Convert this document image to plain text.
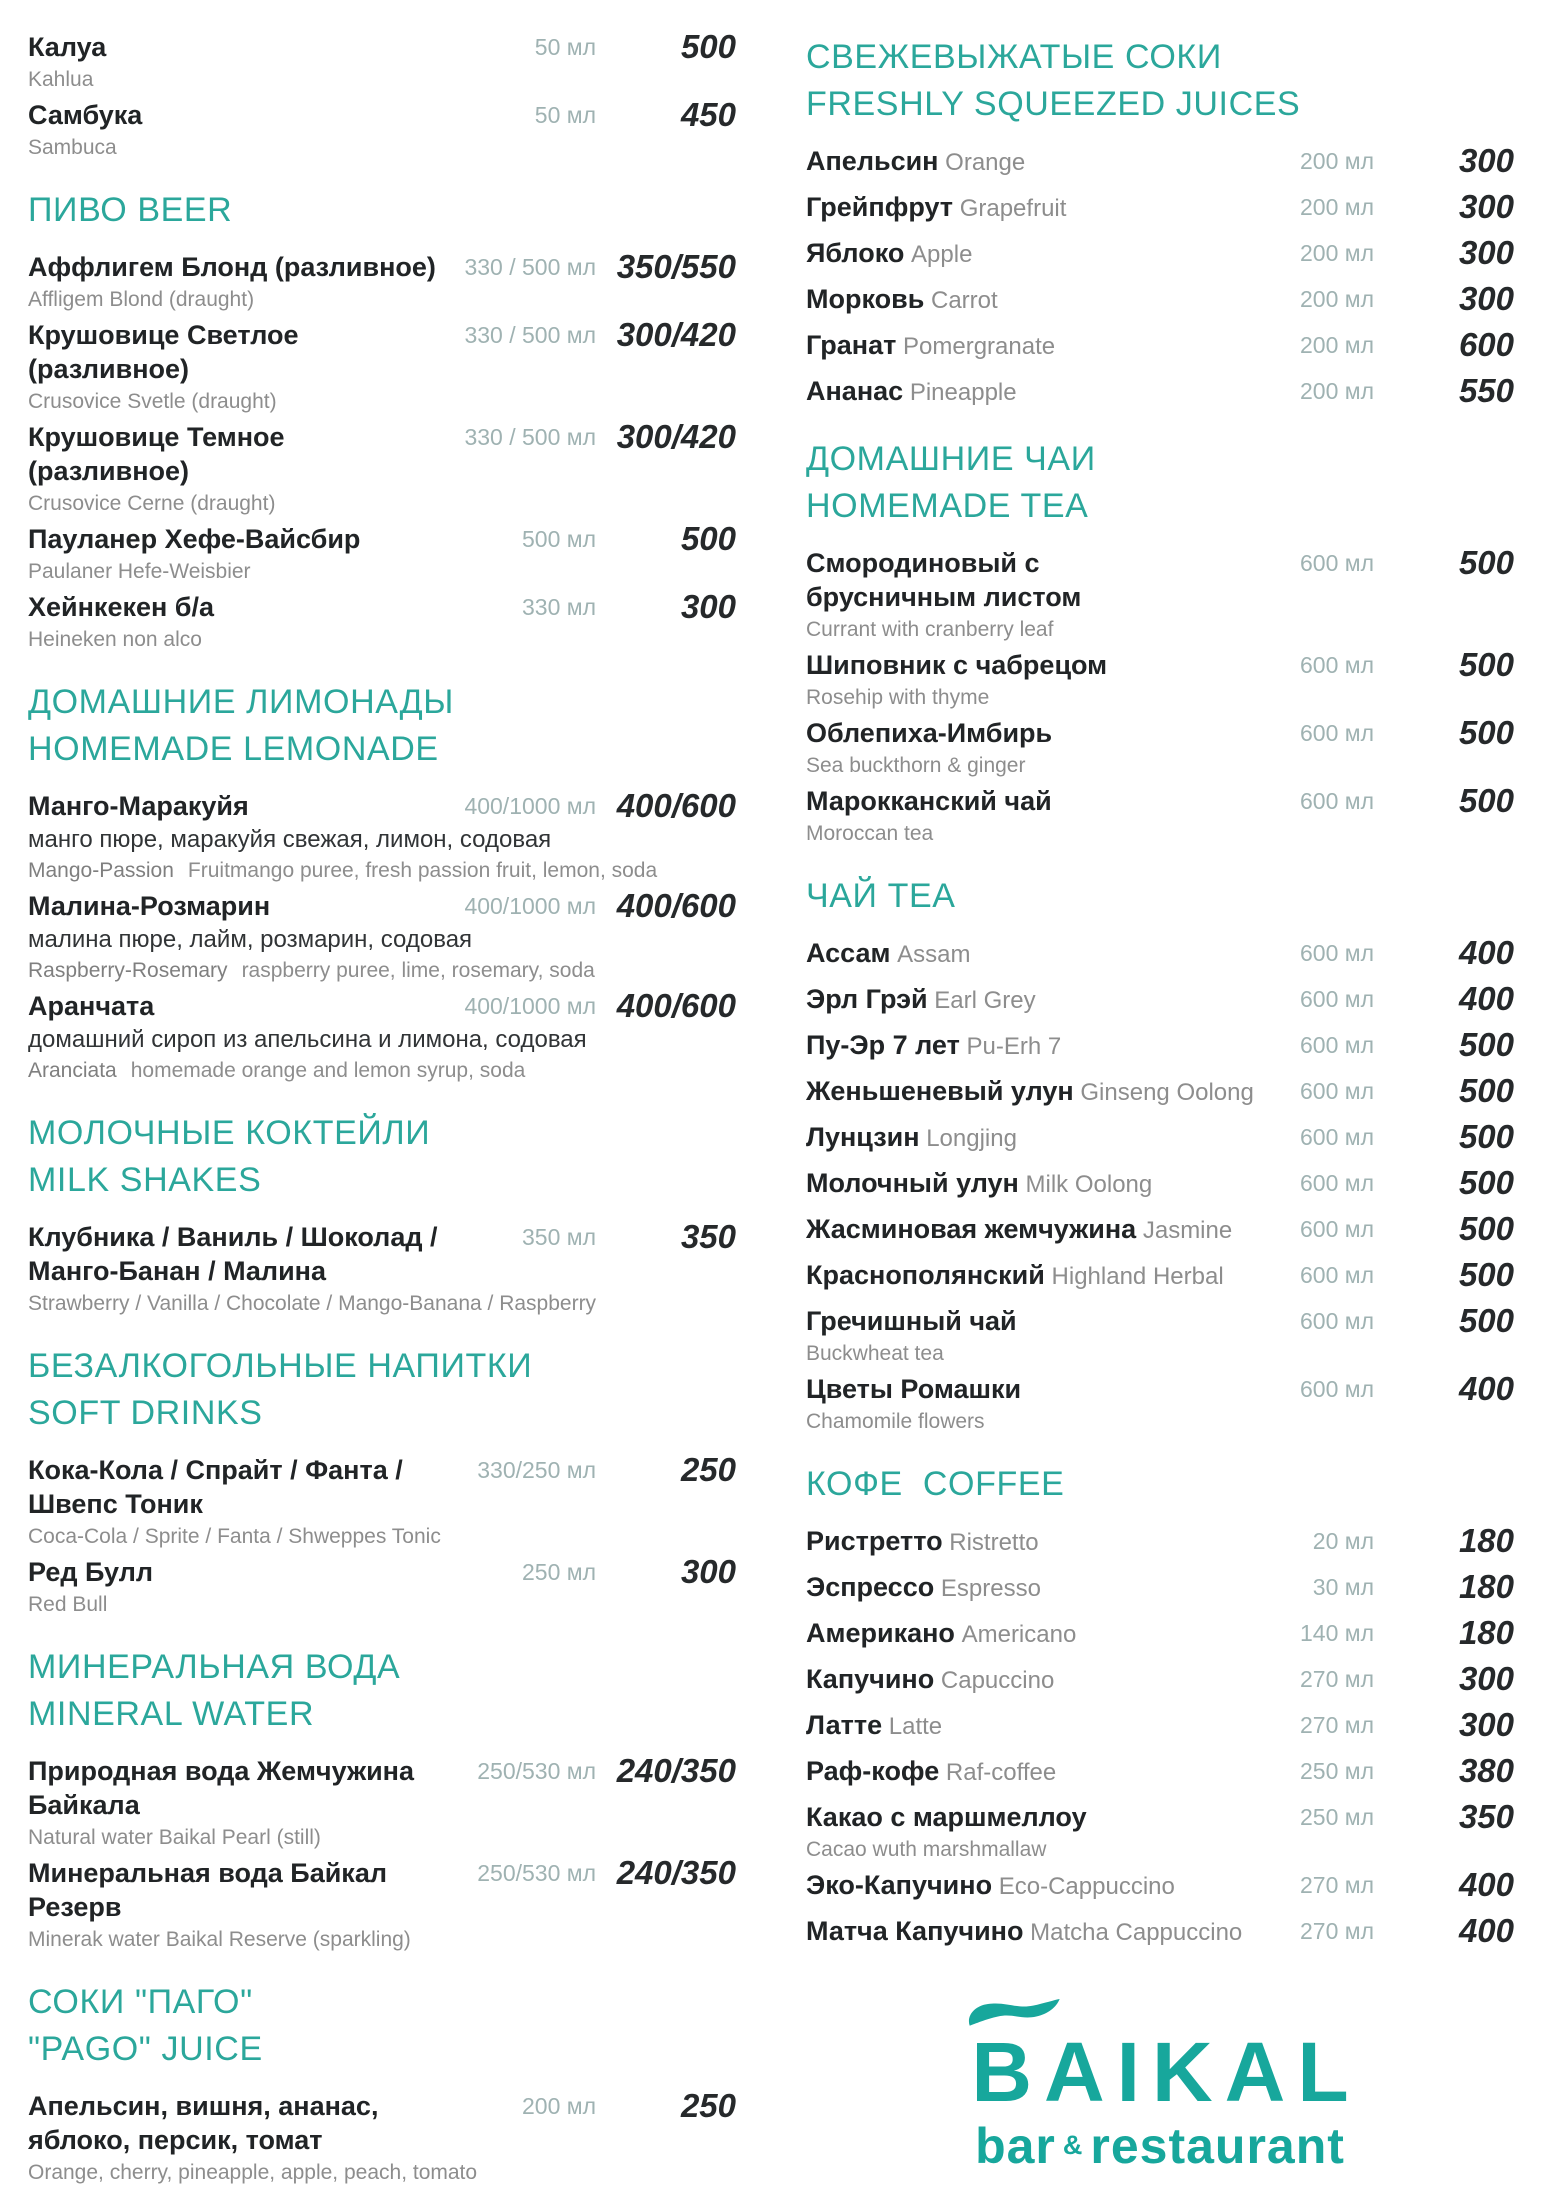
Калуа	50 мл	500
Kahlua
Самбука	50 мл	450
Sambuca
ПИВО BEER
Аффлигем Блонд (разливное)	330 / 500 мл 350/550
Affligem Blond (draught)
Крушовице Светлое (разливное)
330 / 500 мл 300/420
Crusovice Svetle (draught)
Крушовице Темное (разливное)
330 / 500 мл 300/420
Crusovice Cerne (draught)
Пауланер Хефе-Вайсбир	500 мл	500
Paulaner Hefe-Weisbier
Хейнкекен б/а	330 мл	300
Heineken non alco
ДОМАШНИЕ ЛИМОНАДЫ
HOMEMADE LEMONADE
Манго-Маракуйя	400/1000 мл 400/600
манго пюре, маракуйя свежая, лимон, содовая
Mango-Passion Fruitmango puree, fresh passion fruit, lemon, soda
Малина-Розмарин	400/1000 мл 400/600
малина пюре, лайм, розмарин, содовая
Raspberry-Rosemary raspberry puree, lime, rosemary, soda
Аранчата	400/1000 мл 400/600
домашний сироп из апельсина и лимона, содовая
Aranciata homemade orange and lemon syrup, soda
МОЛОЧНЫЕ КОКТЕЙЛИ
MILK SHAKES
Клубника / Ваниль / Шоколад /
Манго-Банан / Малина
350 мл	350
Strawberry / Vanilla / Chocolate / Mango-Banana / Raspberry
БЕЗАЛКОГОЛЬНЫЕ НАПИТКИ
SOFT DRINKS
Кока-Кола / Спрайт / Фанта /
Швепс Тоник
330/250 мл	250
Coca-Cola / Sprite / Fanta / Shweppes Tonic
Ред Булл	250 мл	300
Red Bull
МИНЕРАЛЬНАЯ ВОДА
MINERAL WATER
Природная вода Жемчужина
Байкала
250/530 мл 240/350
Natural water Baikal Pearl (still)
Минеральная вода Байкал
Резерв
250/530 мл 240/350
Minerak water Baikal Reserve (sparkling)
СОКИ "ПАГО"
"PAGO" JUICE
Апельсин, вишня, ананас,
яблоко, персик, томат
200 мл	250
Orange, cherry, pineapple, apple, peach, tomato
СВЕЖЕВЫЖАТЫЕ СОКИ
FRESHLY SQUEEZED JUICES
Апельсин Orange	200 мл	300
Грейпфрут Grapefruit	200 мл	300
Яблоко Apple	200 мл	300
Морковь Carrot	200 мл	300
Гранат Pomergranate	200 мл	600
Ананас Pineapple	200 мл	550
ДОМАШНИЕ ЧАИ
HOMEMADE TEA
Смородиновый с
брусничным листом
600 мл	500
Currant with cranberry leaf
Шиповник с чабрецом	600 мл	500
Rosehip with thyme
Облепиха-Имбирь	600 мл	500
Sea buckthorn & ginger
Марокканский чай	600 мл	500
Moroccan tea
ЧАЙ TEA
Ассам Assam	600 мл	400
Эрл Грэй Earl Grey	600 мл	400
Пу-Эр 7 лет Pu-Erh 7	600 мл	500
Женьшеневый улун Ginseng Oolong	600 мл	500
Лунцзин Longjing	600 мл	500
Молочный улун Milk Oolong	600 мл	500
Жасминовая жемчужина Jasmine	600 мл	500
Краснополянский Highland Herbal	600 мл	500
Гречишный чай	600 мл	500
Buckwheat tea
Цветы Ромашки	600 мл	400
Chamomile flowers
КОФЕ  COFFEE
Ристретто Ristretto	20 мл	180
Эспрессо Espresso	30 мл	180
Американо Americano	140 мл	180
Капучино Capuccino	270 мл	300
Латте Latte	270 мл	300
Раф-кофе Raf-coffee	250 мл	380
Какао с маршмеллоу	250 мл	350
Cacao wuth marshmallaw
Эко-Капучино Eco-Cappuccino	270 мл	400
Матча Капучино Matcha Cappuccino	270 мл	400
BAIKAL
bar & restaurant
